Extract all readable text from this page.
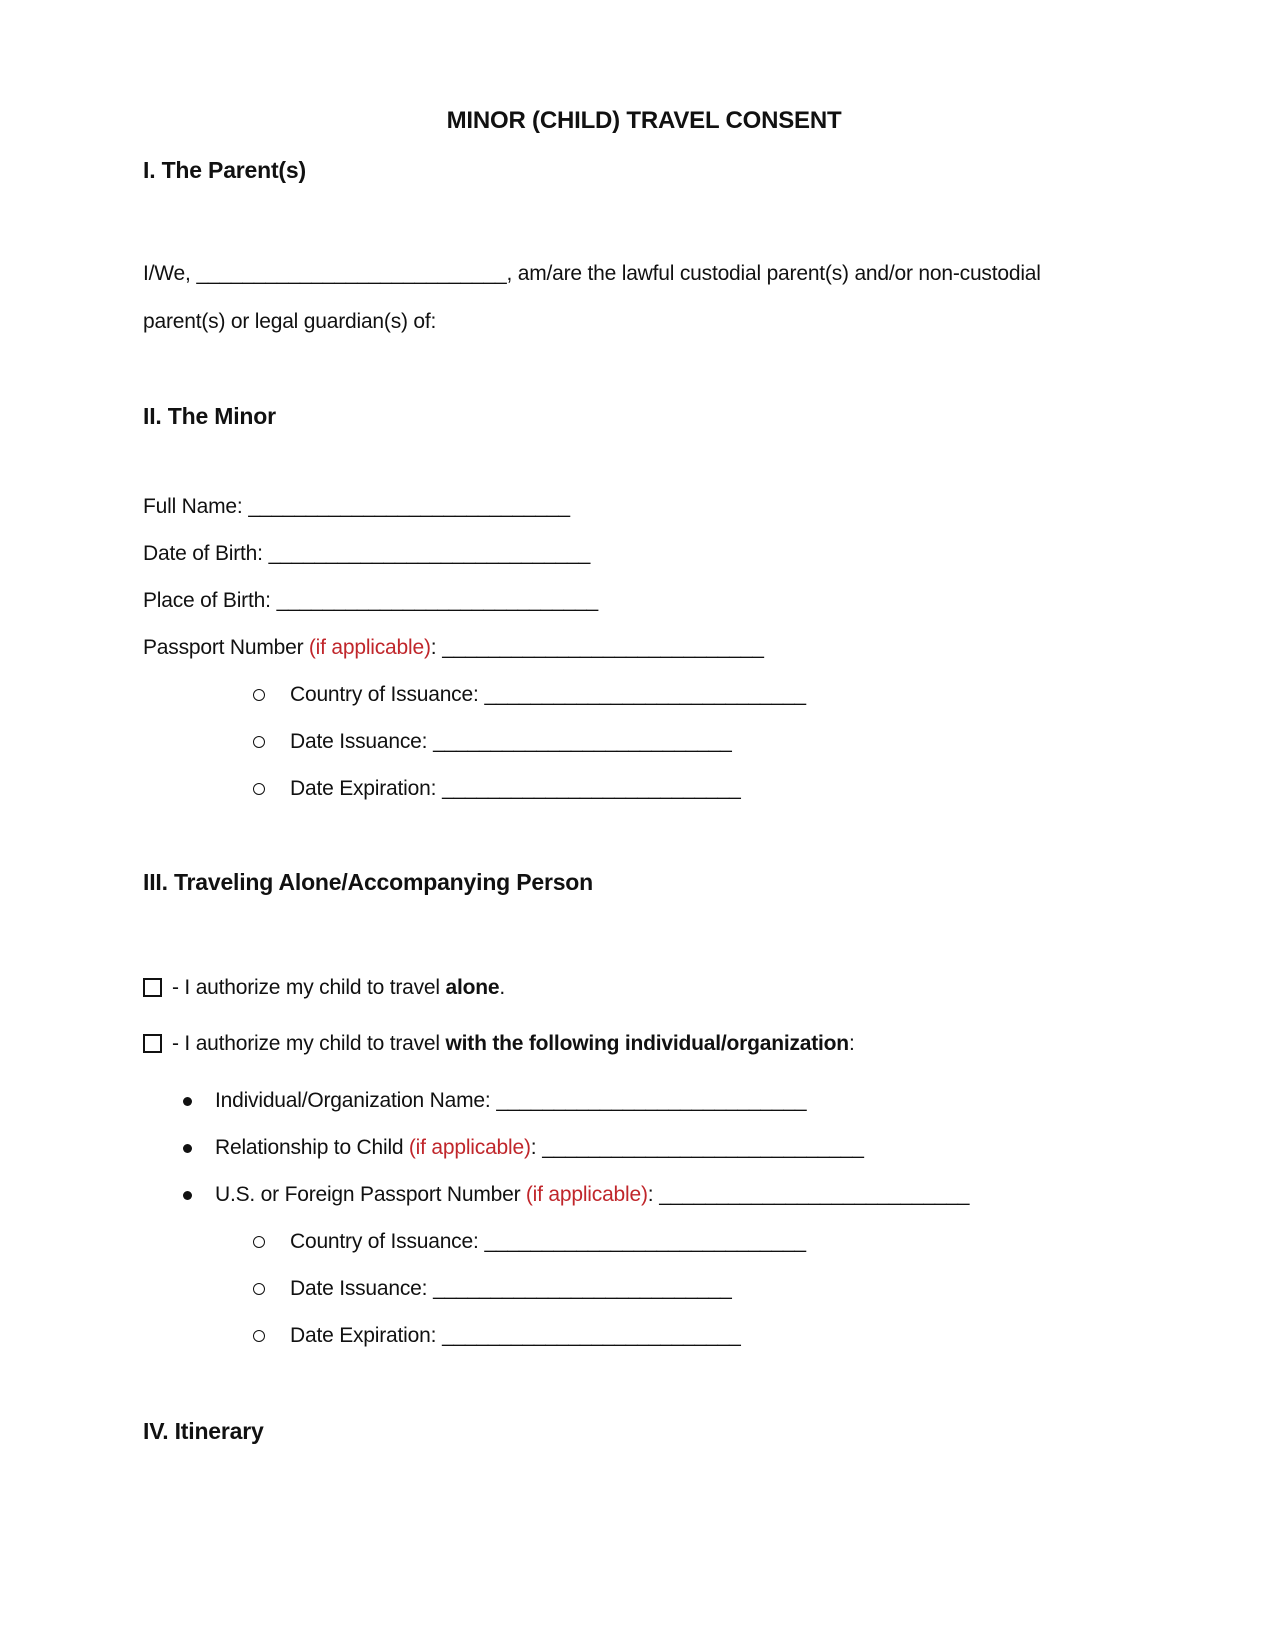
MINOR (CHILD) TRAVEL CONSENT
I. The Parent(s)
I/We, ___________________________, am/are the lawful custodial parent(s) and/or non-custodial parent(s) or legal guardian(s) of:
II. The Minor
Full Name: ____________________________
Date of Birth: ____________________________
Place of Birth: ____________________________
Passport Number (if applicable): ____________________________
Country of Issuance : ____________________________
Date Issuance : __________________________
Date Expiration : __________________________
III. Traveling Alone/Accompanying Person
- I authorize my child to travel alone.
- I authorize my child to travel with the following individual/organization:
Individual/Organization Name : ___________________________
Relationship to Child (if applicable) : ____________________________
U.S. or Foreign Passport Number (if applicable) : ___________________________
Country of Issuance : ____________________________
Date Issuance : __________________________
Date Expiration : __________________________
IV. Itinerary
